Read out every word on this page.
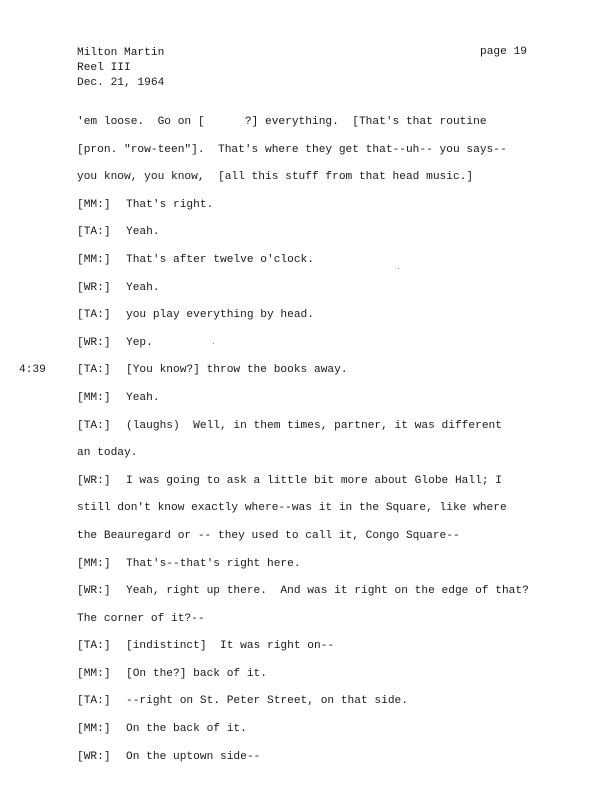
Milton Martin
Reel III
Dec. 21, 1964
page 19
'em loose.  Go on [      ?] everything.  [That's that routine
[pron. "row-teen"].  That's where they get that--uh-- you says--
you know, you know,  [all this stuff from that head music.]
[MM:] That's right.
[TA:] Yeah.
[MM:] That's after twelve o'clock.
[WR:] Yeah.
[TA:] you play everything by head.
[WR:] Yep.
4:39	[TA:] [You know?] throw the books away.
[MM:] Yeah.
[TA:] (laughs)  Well, in them times, partner, it was different
an today.
[WR:] I was going to ask a little bit more about Globe Hall; I
still don't know exactly where--was it in the Square, like where
the Beauregard or -- they used to call it, Congo Square--
[MM:] That's--that's right here.
[WR:] Yeah, right up there.  And was it right on the edge of that?
The corner of it?--
[TA:] [indistinct]  It was right on--
[MM:] [On the?] back of it.
[TA:] --right on St. Peter Street, on that side.
[MM:] On the back of it.
[WR:] On the uptown side--
